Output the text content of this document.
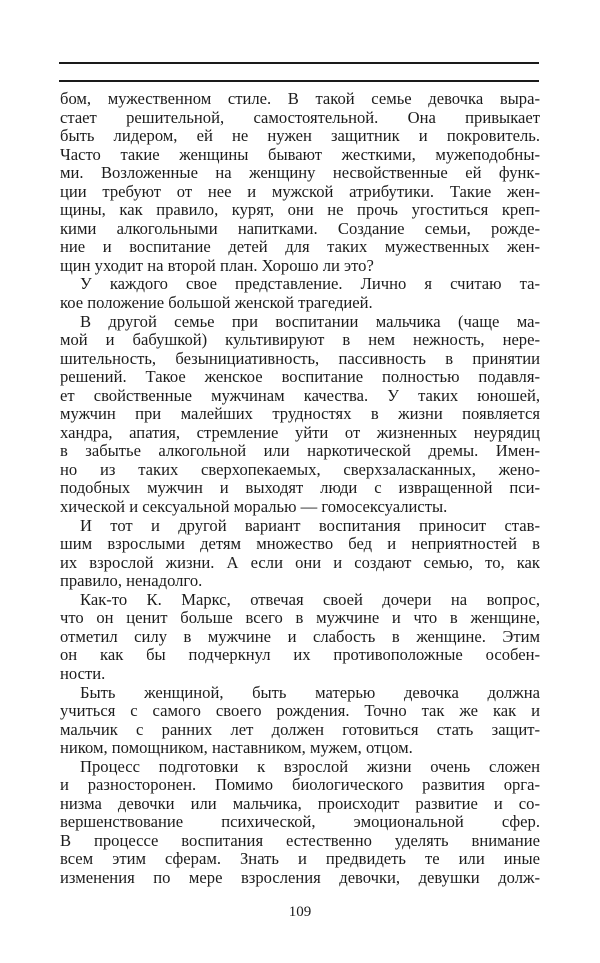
бом, мужественном стиле. В такой семье девочка выра-
стает решительной, самостоятельной. Она привыкает
быть лидером, ей не нужен защитник и покровитель.
Часто такие женщины бывают жесткими, мужеподобны-
ми. Возложенные на женщину несвойственные ей функ-
ции требуют от нее и мужской атрибутики. Такие жен-
щины, как правило, курят, они не прочь угоститься креп-
кими алкогольными напитками. Создание семьи, рожде-
ние и воспитание детей для таких мужественных жен-
щин уходит на второй план. Хорошо ли это?
У каждого свое представление. Лично я считаю та-
кое положение большой женской трагедией.
В другой семье при воспитании мальчика (чаще ма-
мой и бабушкой) культивируют в нем нежность, нере-
шительность, безынициативность, пассивность в принятии
решений. Такое женское воспитание полностью подавля-
ет свойственные мужчинам качества. У таких юношей,
мужчин при малейших трудностях в жизни появляется
хандра, апатия, стремление уйти от жизненных неурядиц
в забытье алкогольной или наркотической дремы. Имен-
но из таких сверхопекаемых, сверхзаласканных, жено-
подобных мужчин и выходят люди с извращенной пси-
хической и сексуальной моралью — гомосексуалисты.
И тот и другой вариант воспитания приносит став-
шим взрослыми детям множество бед и неприятностей в
их взрослой жизни. А если они и создают семью, то, как
правило, ненадолго.
Как-то К. Маркс, отвечая своей дочери на вопрос,
что он ценит больше всего в мужчине и что в женщине,
отметил силу в мужчине и слабость в женщине. Этим
он как бы подчеркнул их противоположные особен-
ности.
Быть женщиной, быть матерью девочка должна
учиться с самого своего рождения. Точно так же как и
мальчик с ранних лет должен готовиться стать защит-
ником, помощником, наставником, мужем, отцом.
Процесс подготовки к взрослой жизни очень сложен
и разносторонен. Помимо биологического развития орга-
низма девочки или мальчика, происходит развитие и со-
вершенствование психической, эмоциональной сфер.
В процессе воспитания естественно уделять внимание
всем этим сферам. Знать и предвидеть те или иные
изменения по мере взросления девочки, девушки долж-
109
